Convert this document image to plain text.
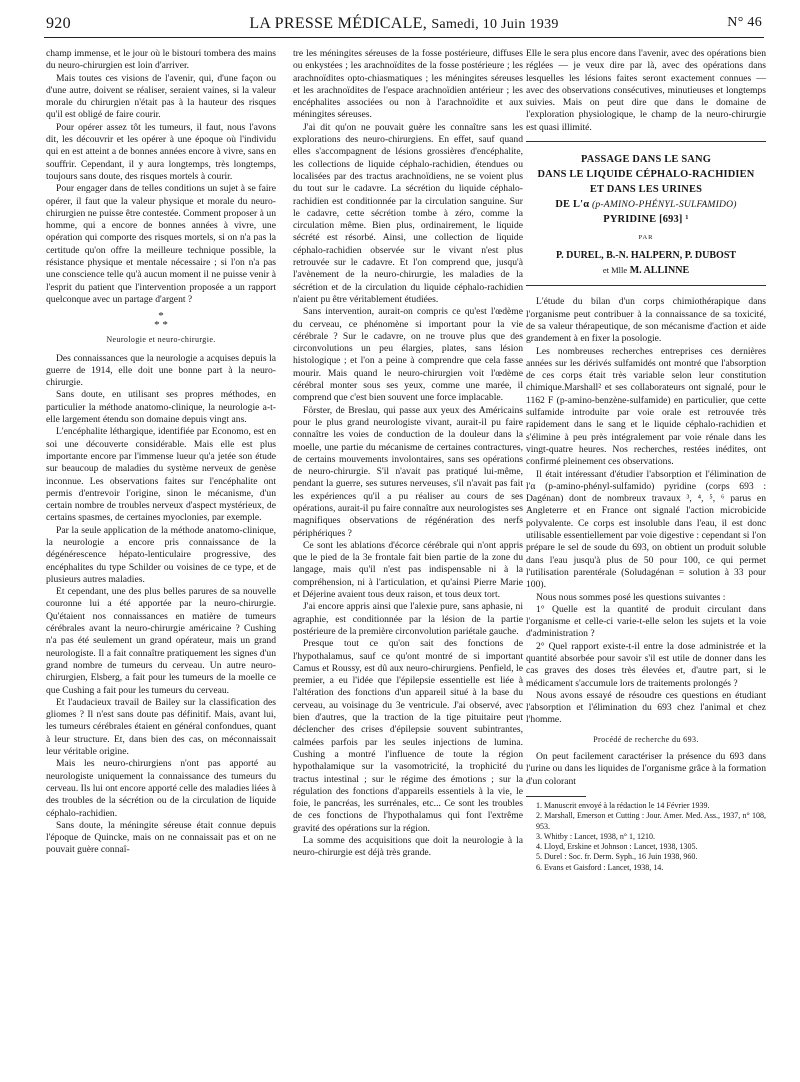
920	LA PRESSE MÉDICALE, Samedi, 10 Juin 1939	N° 46

champ immense, et le jour où le bistouri tombera des mains du neuro-chirurgien est loin d'arriver.

Mais toutes ces visions de l'avenir, qui, d'une façon ou d'une autre, doivent se réaliser, seraient vaines, si la valeur morale du chirurgien n'était pas à la hauteur des risques qu'il est obligé de faire courir.

Pour opérer assez tôt les tumeurs, il faut, nous l'avons dit, les découvrir et les opérer à une époque où l'individu qui en est atteint a de bonnes années encore à vivre, sans en souffrir. Cependant, il y aura longtemps, très longtemps, toujours sans doute, des risques mortels à courir.

Pour engager dans de telles conditions un sujet à se faire opérer, il faut que la valeur physique et morale du neuro-chirurgien ne puisse être contestée. Comment proposer à un homme, qui a encore de bonnes années à vivre, une opération qui comporte des risques mortels, si on n'a pas la certitude qu'on offre la meilleure technique possible, la résistance physique et mentale nécessaire ; si l'on n'a pas une conscience telle qu'à aucun moment il ne puisse venir à l'esprit du patient que l'intervention proposée a un rapport quelconque avec un partage d'argent ?

*
* *
Neurologie et neuro-chirurgie.

Des connaissances que la neurologie a acquises depuis la guerre de 1914, elle doit une bonne part à la neuro-chirurgie.

Sans doute, en utilisant ses propres méthodes, en particulier la méthode anatomo-clinique, la neurologie a-t-elle largement étendu son domaine depuis vingt ans.

L'encéphalite léthargique, identifiée par Economo, est en soi une découverte considérable. Mais elle est plus importante encore par l'immense lueur qu'a jetée son étude sur beaucoup de maladies du système nerveux de genèse inconnue. Les observations faites sur l'encéphalite ont permis d'entrevoir l'origine, sinon le mécanisme, d'un certain nombre de troubles nerveux d'aspect mystérieux, de certains spasmes, de certaines myoclonies, par exemple.

Par la seule application de la méthode anatomo-clinique, la neurologie a encore pris connaissance de la dégénérescence hépato-lenticulaire progressive, des encéphalites du type Schilder ou voisines de ce type, et de plusieurs autres maladies.

Et cependant, une des plus belles parures de sa nouvelle couronne lui a été apportée par la neuro-chirurgie. Qu'étaient nos connaissances en matière de tumeurs cérébrales avant la neuro-chirurgie américaine ? Cushing n'a pas été seulement un grand opérateur, mais un grand neurologiste. Il a fait connaître pratiquement les signes d'un grand nombre de tumeurs du cerveau. Un autre neuro-chirurgien, Elsberg, a fait pour les tumeurs de la moelle ce que Cushing a fait pour les tumeurs du cerveau.

Et l'audacieux travail de Bailey sur la classification des gliomes ? Il n'est sans doute pas définitif. Mais, avant lui, les tumeurs cérébrales étaient en général confondues, quant à leur structure. Et, dans bien des cas, on méconnaissait leur véritable origine.

Mais les neuro-chirurgiens n'ont pas apporté au neurologiste uniquement la connaissance des tumeurs du cerveau. Ils lui ont encore apporté celle des maladies liées à des troubles de la sécrétion ou de la circulation de liquide céphalo-rachidien.

Sans doute, la méningite séreuse était connue depuis l'époque de Quincke, mais on ne connaissait pas et on ne pouvait guère connaî-

tre les méningites séreuses de la fosse postérieure, diffuses ou enkystées ; les arachnoïdites de la fosse postérieure ; les arachnoïdites opto-chiasmatiques ; les méningites séreuses et les arachnoïdites de l'espace arachnoïdien antérieur ; les encéphalites associées ou non à l'arachnoïdite et aux méningites séreuses.

J'ai dit qu'on ne pouvait guère les connaître sans les explorations des neuro-chirurgiens. En effet, sauf quand elles s'accompagnent de lésions grossières d'encéphalite, les collections de liquide céphalo-rachidien, étendues ou localisées par des tractus arachnoïdiens, ne se voient plus du tout sur le cadavre. La sécrétion du liquide céphalo-rachidien est conditionnée par la circulation sanguine. Sur le cadavre, cette sécrétion tombe à zéro, comme la circulation même. Bien plus, ordinairement, le liquide sécrété est résorbé. Ainsi, une collection de liquide céphalo-rachidien observée sur le vivant n'est plus retrouvée sur le cadavre. Et l'on comprend que, jusqu'à l'avènement de la neuro-chirurgie, les maladies de la sécrétion et de la circulation du liquide céphalo-rachidien n'aient pu être véritablement étudiées.

Sans intervention, aurait-on compris ce qu'est l'œdème du cerveau, ce phénomène si important pour la vie cérébrale ? Sur le cadavre, on ne trouve plus que des circonvolutions un peu élargies, plates, sans lésion histologique ; et l'on a peine à comprendre que cela fasse mourir. Mais quand le neuro-chirurgien voit l'œdème cérébral monter sous ses yeux, comme une marée, il comprend que c'est bien souvent une force implacable.

Förster, de Breslau, qui passe aux yeux des Américains pour le plus grand neurologiste vivant, aurait-il pu faire connaître les voies de conduction de la douleur dans la moelle, une partie du mécanisme de certaines contractures, de certains mouvements involontaires, sans ses opérations de neuro-chirurgie. S'il n'avait pas pratiqué lui-même, pendant la guerre, ses sutures nerveuses, s'il n'avait pas fait les expériences qu'il a pu réaliser au cours de ses opérations, aurait-il pu faire connaître aux neurologistes ses magnifiques observations de régénération des nerfs périphériques ?

Ce sont les ablations d'écorce cérébrale qui n'ont appris que le pied de la 3e frontale fait bien partie de la zone du langage, mais qu'il n'est pas indispensable ni à la compréhension, ni à l'articulation, et qu'ainsi Pierre Marie et Déjerine avaient tous deux raison, et tous deux tort.

J'ai encore appris ainsi que l'alexie pure, sans aphasie, ni agraphie, est conditionnée par la lésion de la partie postérieure de la première circonvolution pariétale gauche.

Presque tout ce qu'on sait des fonctions de l'hypothalamus, sauf ce qu'ont montré de si important Camus et Roussy, est dû aux neuro-chirurgiens. Penfield, le premier, a eu l'idée que l'épilepsie essentielle est liée à l'altération des fonctions d'un appareil situé à la base du cerveau, au voisinage du 3e ventricule. J'ai observé, avec bien d'autres, que la traction de la tige pituitaire peut déclencher des crises d'épilepsie souvent subintrantes, calmées parfois par les seules injections de lumina. Cushing a montré l'influence de toute la région hypothalamique sur la vasomotricité, la trophicité du tractus intestinal ; sur le régime des émotions ; sur la régulation des fonctions d'appareils essentiels à la vie, le foie, le pancréas, les surrénales, etc... Ce sont les troubles de ces fonctions de l'hypothalamus qui font l'extrême gravité des opérations sur la région.

La somme des acquisitions que doit la neurologie à la neuro-chirurgie est déjà très grande.

Elle le sera plus encore dans l'avenir, avec des opérations bien réglées — je veux dire par là, avec des opérations dans lesquelles les lésions faites seront exactement connues — avec des observations consécutives, minutieuses et longtemps suivies. Mais on peut dire que dans le domaine de l'exploration physiologique, le champ de la neuro-chirurgie est quasi illimité.

PASSAGE DANS LE SANG
DANS LE LIQUIDE CÉPHALO-RACHIDIEN
ET DANS LES URINES
DE L'α (p-AMINO-PHÉNYL-SULFAMIDO)
PYRIDINE [693] ¹
PAR
P. DUREL, B.-N. HALPERN, P. DUBOST
et Mlle M. ALLINNE

L'étude du bilan d'un corps chimiothérapique dans l'organisme peut contribuer à la connaissance de sa toxicité, de sa valeur thérapeutique, de son mécanisme d'action et aide grandement à en fixer la posologie.

Les nombreuses recherches entreprises ces dernières années sur les dérivés sulfamidés ont montré que l'absorption de ces corps était très variable selon leur constitution chimique.Marshall² et ses collaborateurs ont signalé, pour le 1162 F (p-amino-benzène-sulfamide) en particulier, que cette sulfamide introduite par voie orale est retrouvée très rapidement dans le sang et le liquide céphalo-rachidien et s'élimine à peu près intégralement par voie rénale dans les vingt-quatre heures. Nos recherches, restées inédites, ont confirmé pleinement ces observations.

Il était intéressant d'étudier l'absorption et l'élimination de l'α (p-amino-phényl-sulfamido) pyridine (corps 693 : Dagénan) dont de nombreux travaux ³, ⁴, ⁵, ⁶ parus en Angleterre et en France ont signalé l'action microbicide polyvalente. Ce corps est insoluble dans l'eau, il est donc utilisable essentiellement par voie digestive : cependant si l'on prépare le sel de soude du 693, on obtient un produit soluble dans l'eau jusqu'à plus de 50 pour 100, ce qui permet l'utilisation parentérale (Soludagénan = solution à 33 pour 100).

Nous nous sommes posé les questions suivantes :

1° Quelle est la quantité de produit circulant dans l'organisme et celle-ci varie-t-elle selon les sujets et la voie d'administration ?

2° Quel rapport existe-t-il entre la dose administrée et la quantité absorbée pour savoir s'il est utile de donner dans les cas graves des doses très élevées et, d'autre part, si le médicament s'accumule lors de traitements prolongés ?

Nous avons essayé de résoudre ces questions en étudiant l'absorption et l'élimination du 693 chez l'animal et chez l'homme.

Procédé de recherche du 693.

On peut facilement caractériser la présence du 693 dans l'urine ou dans les liquides de l'organisme grâce à la formation d'un colorant

1. Manuscrit envoyé à la rédaction le 14 Février 1939.
2. Marshall, Emerson et Cutting : Jour. Amer. Med. Ass., 1937, n° 108, 953.
3. Whitby : Lancet, 1938, n° 1, 1210.
4. Lloyd, Erskine et Johnson : Lancet, 1938, 1305.
5. Durel : Soc. fr. Derm. Syph., 16 Juin 1938, 960.
6. Evans et Gaisford : Lancet, 1938, 14.
